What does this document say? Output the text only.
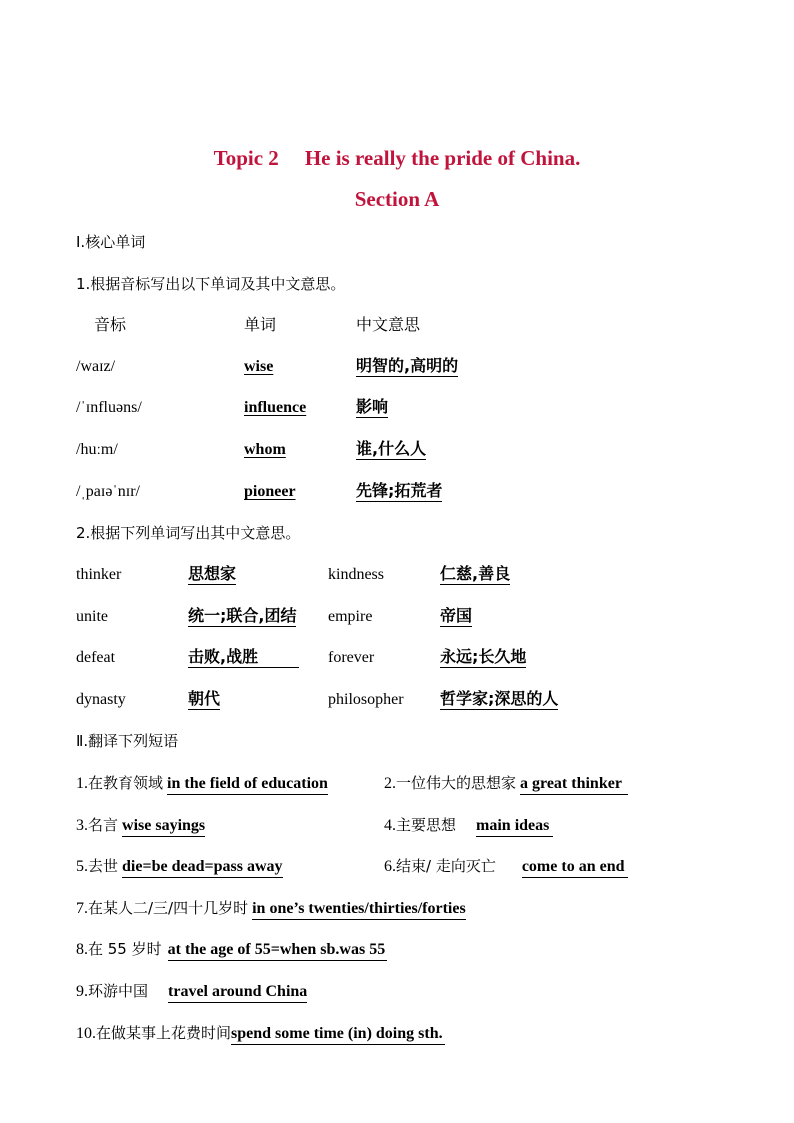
Topic 2 He is really the pride of China.
Section A
Ⅰ.核心单词
1.根据音标写出以下单词及其中文意思。
音标	单词	中文意思
/waɪz/	wise	明智的,高明的
/ˈɪnfluəns/	influence	影响
/huːm/	whom	谁,什么人
/ˌpaɪəˈnɪr/	pioneer	先锋;拓荒者
2.根据下列单词写出其中文意思。
thinker	思想家	kindness	仁慈,善良
unite	统一;联合,团结 empire	帝国
defeat	击败,战胜	forever	永远;长久地
dynasty	朝代	philosopher 哲学家;深思的人
Ⅱ.翻译下列短语
1.在教育领域 in the field of education	2.一位伟大的思想家 a great thinker
3.名言 wise sayings	4.主要思想 main ideas
5.去世 die=be dead=pass away	6.结束/ 走向灭亡 come to an end
7.在某人二/三/四十几岁时 in one’s twenties/thirties/forties
8.在 55 岁时 at the age of 55=when sb.was 55
9.环游中国 travel around China
10.在做某事上花费时间spend some time (in) doing sth.
